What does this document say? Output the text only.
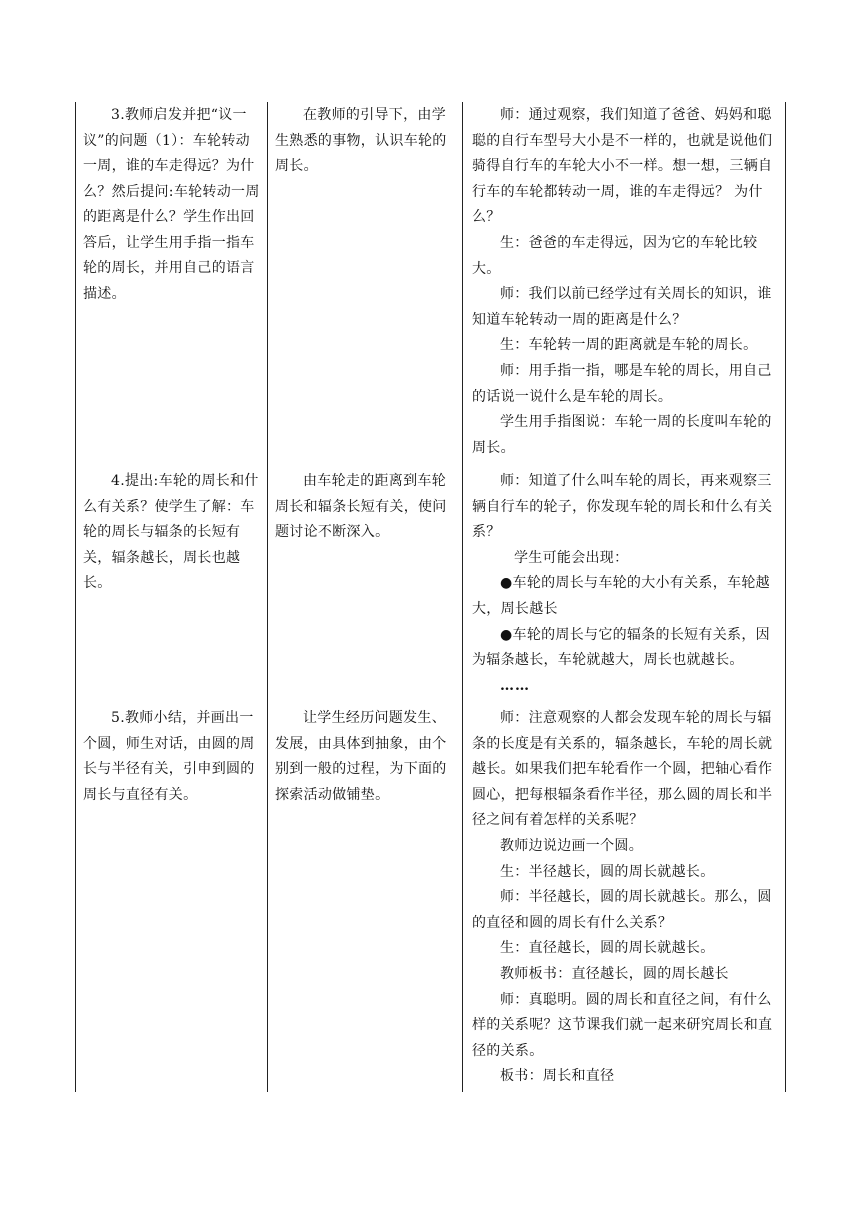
3.教师启发并把“议一议”的问题（1）：车轮转动一周，谁的车走得远？为什么？然后提问:车轮转动一周的距离是什么？学生作出回答后，让学生用手指一指车轮的周长，并用自己的语言描述。

在教师的引导下，由学生熟悉的事物，认识车轮的周长。

师：通过观察，我们知道了爸爸、妈妈和聪聪的自行车型号大小是不一样的，也就是说他们骑得自行车的车轮大小不一样。想一想，三辆自行车的车轮都转动一周，谁的车走得远？ 为什么？

生：爸爸的车走得远，因为它的车轮比较大。

师：我们以前已经学过有关周长的知识，谁知道车轮转动一周的距离是什么？

生：车轮转一周的距离就是车轮的周长。

师：用手指一指，哪是车轮的周长，用自己的话说一说什么是车轮的周长。

学生用手指图说：车轮一周的长度叫车轮的周长。

4.提出:车轮的周长和什么有关系？使学生了解：车轮的周长与辐条的长短有关，辐条越长，周长也越长。

由车轮走的距离到车轮周长和辐条长短有关，使问题讨论不断深入。

师：知道了什么叫车轮的周长，再来观察三辆自行车的轮子，你发现车轮的周长和什么有关系？

学生可能会出现：

●车轮的周长与车轮的大小有关系，车轮越大，周长越长

●车轮的周长与它的辐条的长短有关系，因为辐条越长，车轮就越大，周长也就越长。

……

5.教师小结，并画出一个圆，师生对话，由圆的周长与半径有关，引申到圆的周长与直径有关。

让学生经历问题发生、发展，由具体到抽象，由个别到一般的过程，为下面的探索活动做铺垫。

师：注意观察的人都会发现车轮的周长与辐条的长度是有关系的，辐条越长，车轮的周长就越长。如果我们把车轮看作一个圆，把轴心看作圆心，把每根辐条看作半径，那么圆的周长和半径之间有着怎样的关系呢？

教师边说边画一个圆。

生：半径越长，圆的周长就越长。

师：半径越长，圆的周长就越长。那么，圆的直径和圆的周长有什么关系？

生：直径越长，圆的周长就越长。

教师板书：直径越长，圆的周长越长

师：真聪明。圆的周长和直径之间，有什么样的关系呢？这节课我们就一起来研究周长和直径的关系。

板书：周长和直径
